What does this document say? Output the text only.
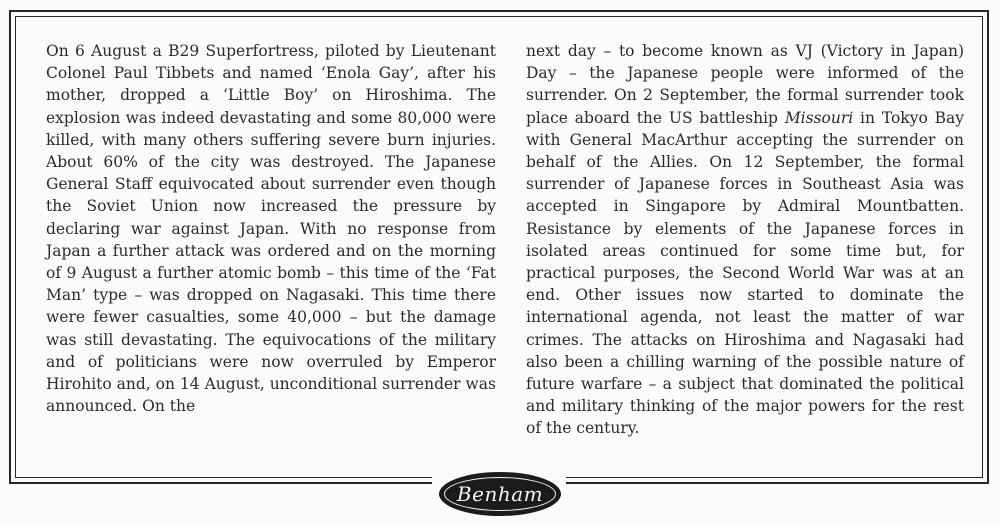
On 6 August a B29 Superfortress, piloted by Lieutenant Colonel Paul Tibbets and named ‘Enola Gay’, after his mother, dropped a ‘Little Boy’ on Hiroshima. The explosion was indeed devastating and some 80,000 were killed, with many others suffering severe burn injuries. About 60% of the city was destroyed. The Japanese General Staff equivocated about surrender even though the Soviet Union now increased the pressure by declaring war against Japan. With no response from Japan a further attack was ordered and on the morning of 9 August a further atomic bomb – this time of the ‘Fat Man’ type – was dropped on Nagasaki. This time there were fewer casualties, some 40,000 – but the damage was still devastating. The equivocations of the military and of politicians were now overruled by Emperor Hirohito and, on 14 August, unconditional surrender was announced. On the
next day – to become known as VJ (Victory in Japan) Day – the Japanese people were informed of the surrender. On 2 September, the formal surrender took place aboard the US battleship Missouri in Tokyo Bay with General MacArthur accepting the surrender on behalf of the Allies. On 12 September, the formal surrender of Japanese forces in Southeast Asia was accepted in Singapore by Admiral Mountbatten. Resistance by elements of the Japanese forces in isolated areas continued for some time but, for practical purposes, the Second World War was at an end. Other issues now started to dominate the international agenda, not least the matter of war crimes. The attacks on Hiroshima and Nagasaki had also been a chilling warning of the possible nature of future warfare – a subject that dominated the political and military thinking of the major powers for the rest of the century.
Benham
